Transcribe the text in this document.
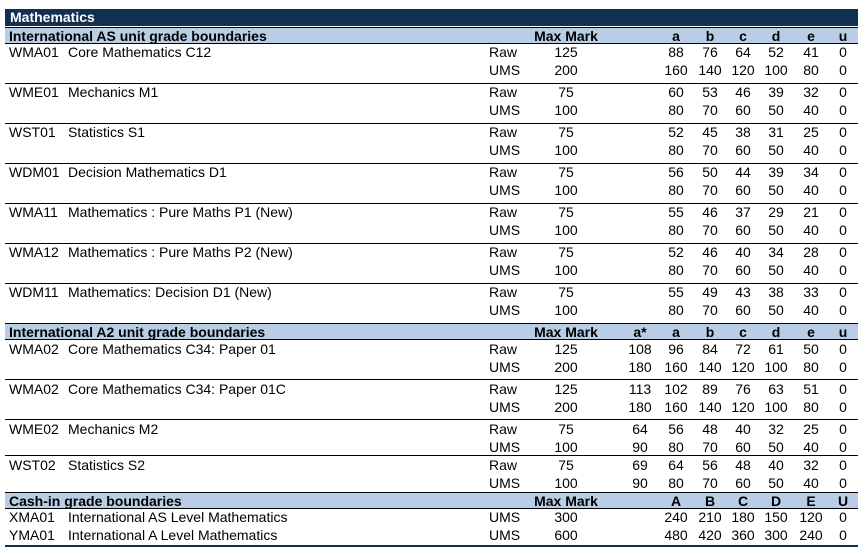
Mathematics
International AS unit grade boundaries	Max Mark	a b c d e u
WMA01 Core Mathematics C12	Raw	125	88 76 64 52 41 0
UMS 200	160 140 120 100 80 0
WME01 Mechanics M1	Raw	75	60 53 46 39 32 0
UMS 100	80 70 60 50 40 0
WST01 Statistics S1	Raw	75	52 45 38 31 25 0
UMS 100	80 70 60 50 40 0
WDM01 Decision Mathematics D1	Raw	75	56 50 44 39 34 0
UMS 100	80 70 60 50 40 0
WMA11 Mathematics : Pure Maths P1 (New)	Raw	75	55 46 37 29 21 0
UMS 100	80 70 60 50 40 0
WMA12 Mathematics : Pure Maths P2 (New)	Raw	75	52 46 40 34 28 0
UMS 100	80 70 60 50 40 0
WDM11 Mathematics: Decision D1 (New)	Raw	75	55 49 43 38 33 0
UMS 100	80 70 60 50 40 0
International A2 unit grade boundaries	Max Mark	a* a b c d e u
WMA02 Core Mathematics C34: Paper 01	Raw	125	108 96 84 72 61 50 0
UMS 200	180 160 140 120 100 80 0
WMA02 Core Mathematics C34: Paper 01C	Raw	125	113 102 89 76 63 51 0
UMS 200	180 160 140 120 100 80 0
WME02 Mechanics M2	Raw	75	64 56 48 40 32 25 0
UMS 100	90 80 70 60 50 40 0
WST02 Statistics S2	Raw	75	69 64 56 48 40 32 0
UMS 100	90 80 70 60 50 40 0
Cash-in grade boundaries	Max Mark	A B C D E U
XMA01 International AS Level Mathematics	UMS 300	240 210 180 150 120 0
YMA01 International A Level Mathematics	UMS 600	480 420 360 300 240 0
